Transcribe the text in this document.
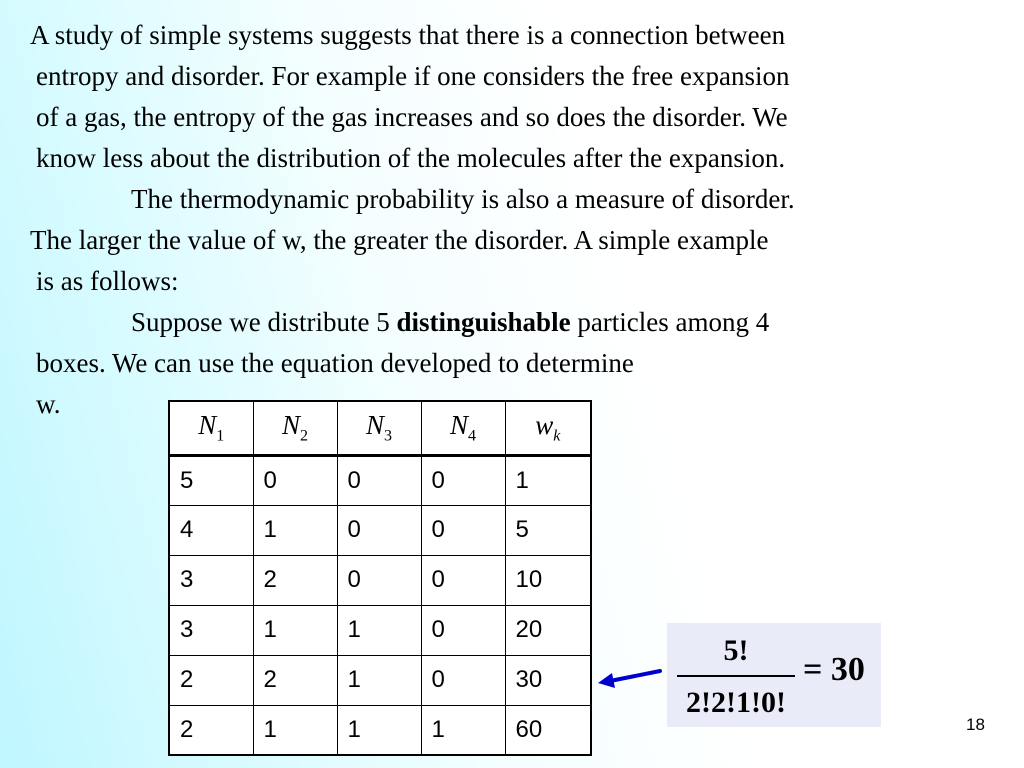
A study of simple systems suggests that there is a connection between
entropy and disorder. For example if one considers the free expansion
of a gas, the entropy of the gas increases and so does the disorder. We
know less about the distribution of the molecules after the expansion.
The thermodynamic probability is also a measure of disorder.
The larger the value of w, the greater the disorder. A simple example
is as follows:
Suppose we distribute 5 distinguishable particles among 4
boxes. We can use the equation developed to determine
w.
$N_1$	$N_2$	$N_3$	$N_4$	$w_k$
5	0	0	0	1
4	1	0	0	5
3	2	0	0	10
3	1	1	0	20
2	2	1	0	30
2	1	1	1	60
5!
2!2!1!0!
= 30
18
